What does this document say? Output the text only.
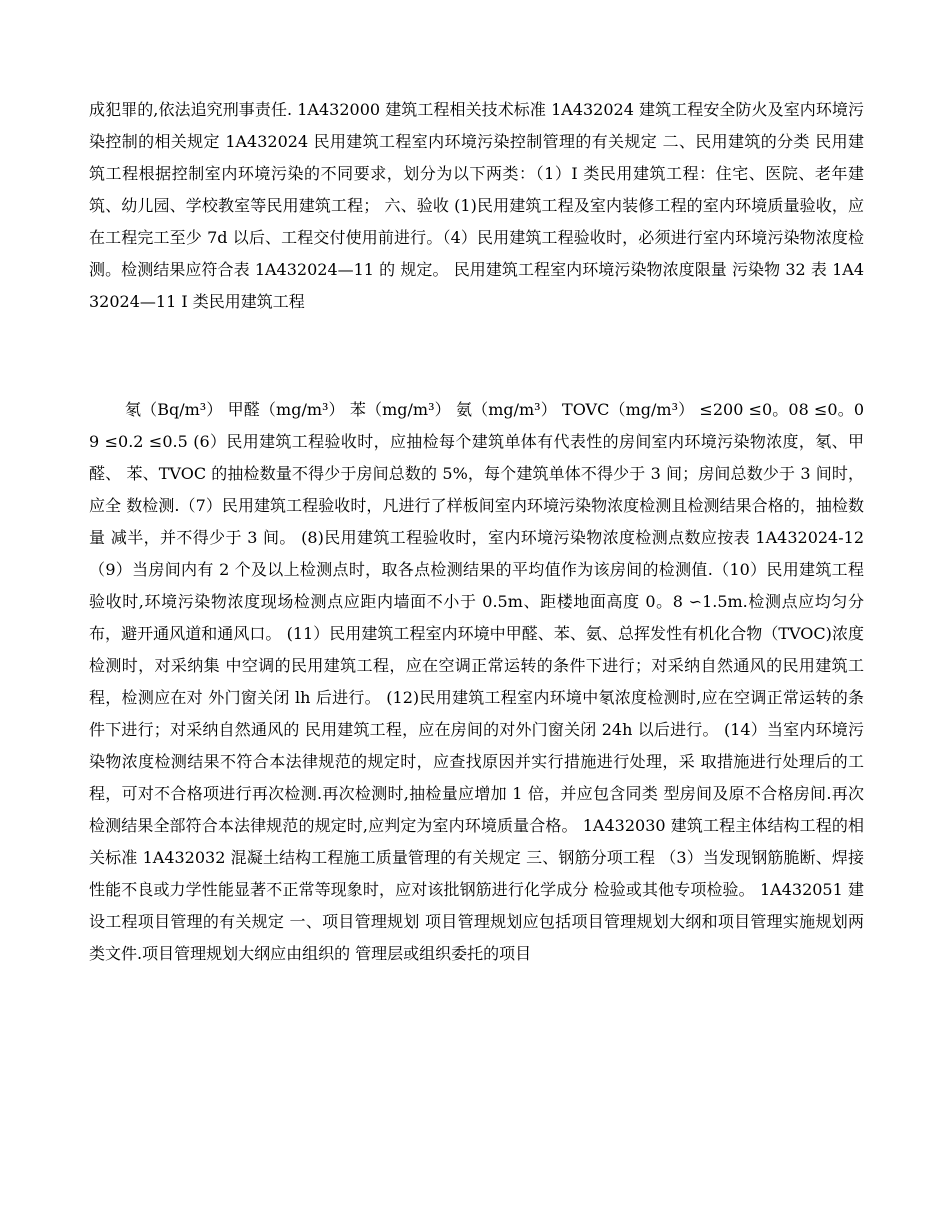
成犯罪的,依法追究刑事责任. 1A432000 建筑工程相关技术标准 1A432024 建筑工程安全防火及室内环境污染控制的相关规定 1A432024 民用建筑工程室内环境污染控制管理的有关规定 二、民用建筑的分类 民用建筑工程根据控制室内环境污染的不同要求，划分为以下两类：（1）I 类民用建筑工程：住宅、医院、老年建筑、幼儿园、学校教室等民用建筑工程； 六、验收 (1)民用建筑工程及室内装修工程的室内环境质量验收，应在工程完工至少 7d 以后、工程交付使用前进行。（4）民用建筑工程验收时，必须进行室内环境污染物浓度检测。检测结果应符合表 1A432024—11 的 规定。 民用建筑工程室内环境污染物浓度限量 污染物 32 表 1A432024—11 I 类民用建筑工程
氡（Bq/m³） 甲醛（mg/m³） 苯（mg/m³） 氨（mg/m³） TOVC（mg/m³） ≤200 ≤0。08 ≤0。09 ≤0.2 ≤0.5 (6）民用建筑工程验收时，应抽检每个建筑单体有代表性的房间室内环境污染物浓度，氡、甲醛、 苯、TVOC 的抽检数量不得少于房间总数的 5%，每个建筑单体不得少于 3 间；房间总数少于 3 间时，应全 数检测.（7）民用建筑工程验收时，凡进行了样板间室内环境污染物浓度检测且检测结果合格的，抽检数量 减半，并不得少于 3 间。 (8)民用建筑工程验收时，室内环境污染物浓度检测点数应按表 1A432024-12 （9）当房间内有 2 个及以上检测点时，取各点检测结果的平均值作为该房间的检测值.（10）民用建筑工程验收时,环境污染物浓度现场检测点应距内墙面不小于 0.5m、距楼地面高度 0。8 ∽1.5m.检测点应均匀分布，避开通风道和通风口。 (11）民用建筑工程室内环境中甲醛、苯、氨、总挥发性有机化合物（TVOC)浓度检测时，对采纳集 中空调的民用建筑工程，应在空调正常运转的条件下进行；对采纳自然通风的民用建筑工程，检测应在对 外门窗关闭 lh 后进行。 (12)民用建筑工程室内环境中氡浓度检测时,应在空调正常运转的条件下进行；对采纳自然通风的 民用建筑工程，应在房间的对外门窗关闭 24h 以后进行。 (14）当室内环境污染物浓度检测结果不符合本法律规范的规定时，应查找原因并实行措施进行处理，采 取措施进行处理后的工程，可对不合格项进行再次检测.再次检测时,抽检量应增加 1 倍，并应包含同类 型房间及原不合格房间.再次检测结果全部符合本法律规范的规定时,应判定为室内环境质量合格。 1A432030 建筑工程主体结构工程的相关标准 1A432032 混凝土结构工程施工质量管理的有关规定 三、钢筋分项工程 （3）当发现钢筋脆断、焊接性能不良或力学性能显著不正常等现象时，应对该批钢筋进行化学成分 检验或其他专项检验。 1A432051 建设工程项目管理的有关规定 一、项目管理规划 项目管理规划应包括项目管理规划大纲和项目管理实施规划两类文件.项目管理规划大纲应由组织的 管理层或组织委托的项目
